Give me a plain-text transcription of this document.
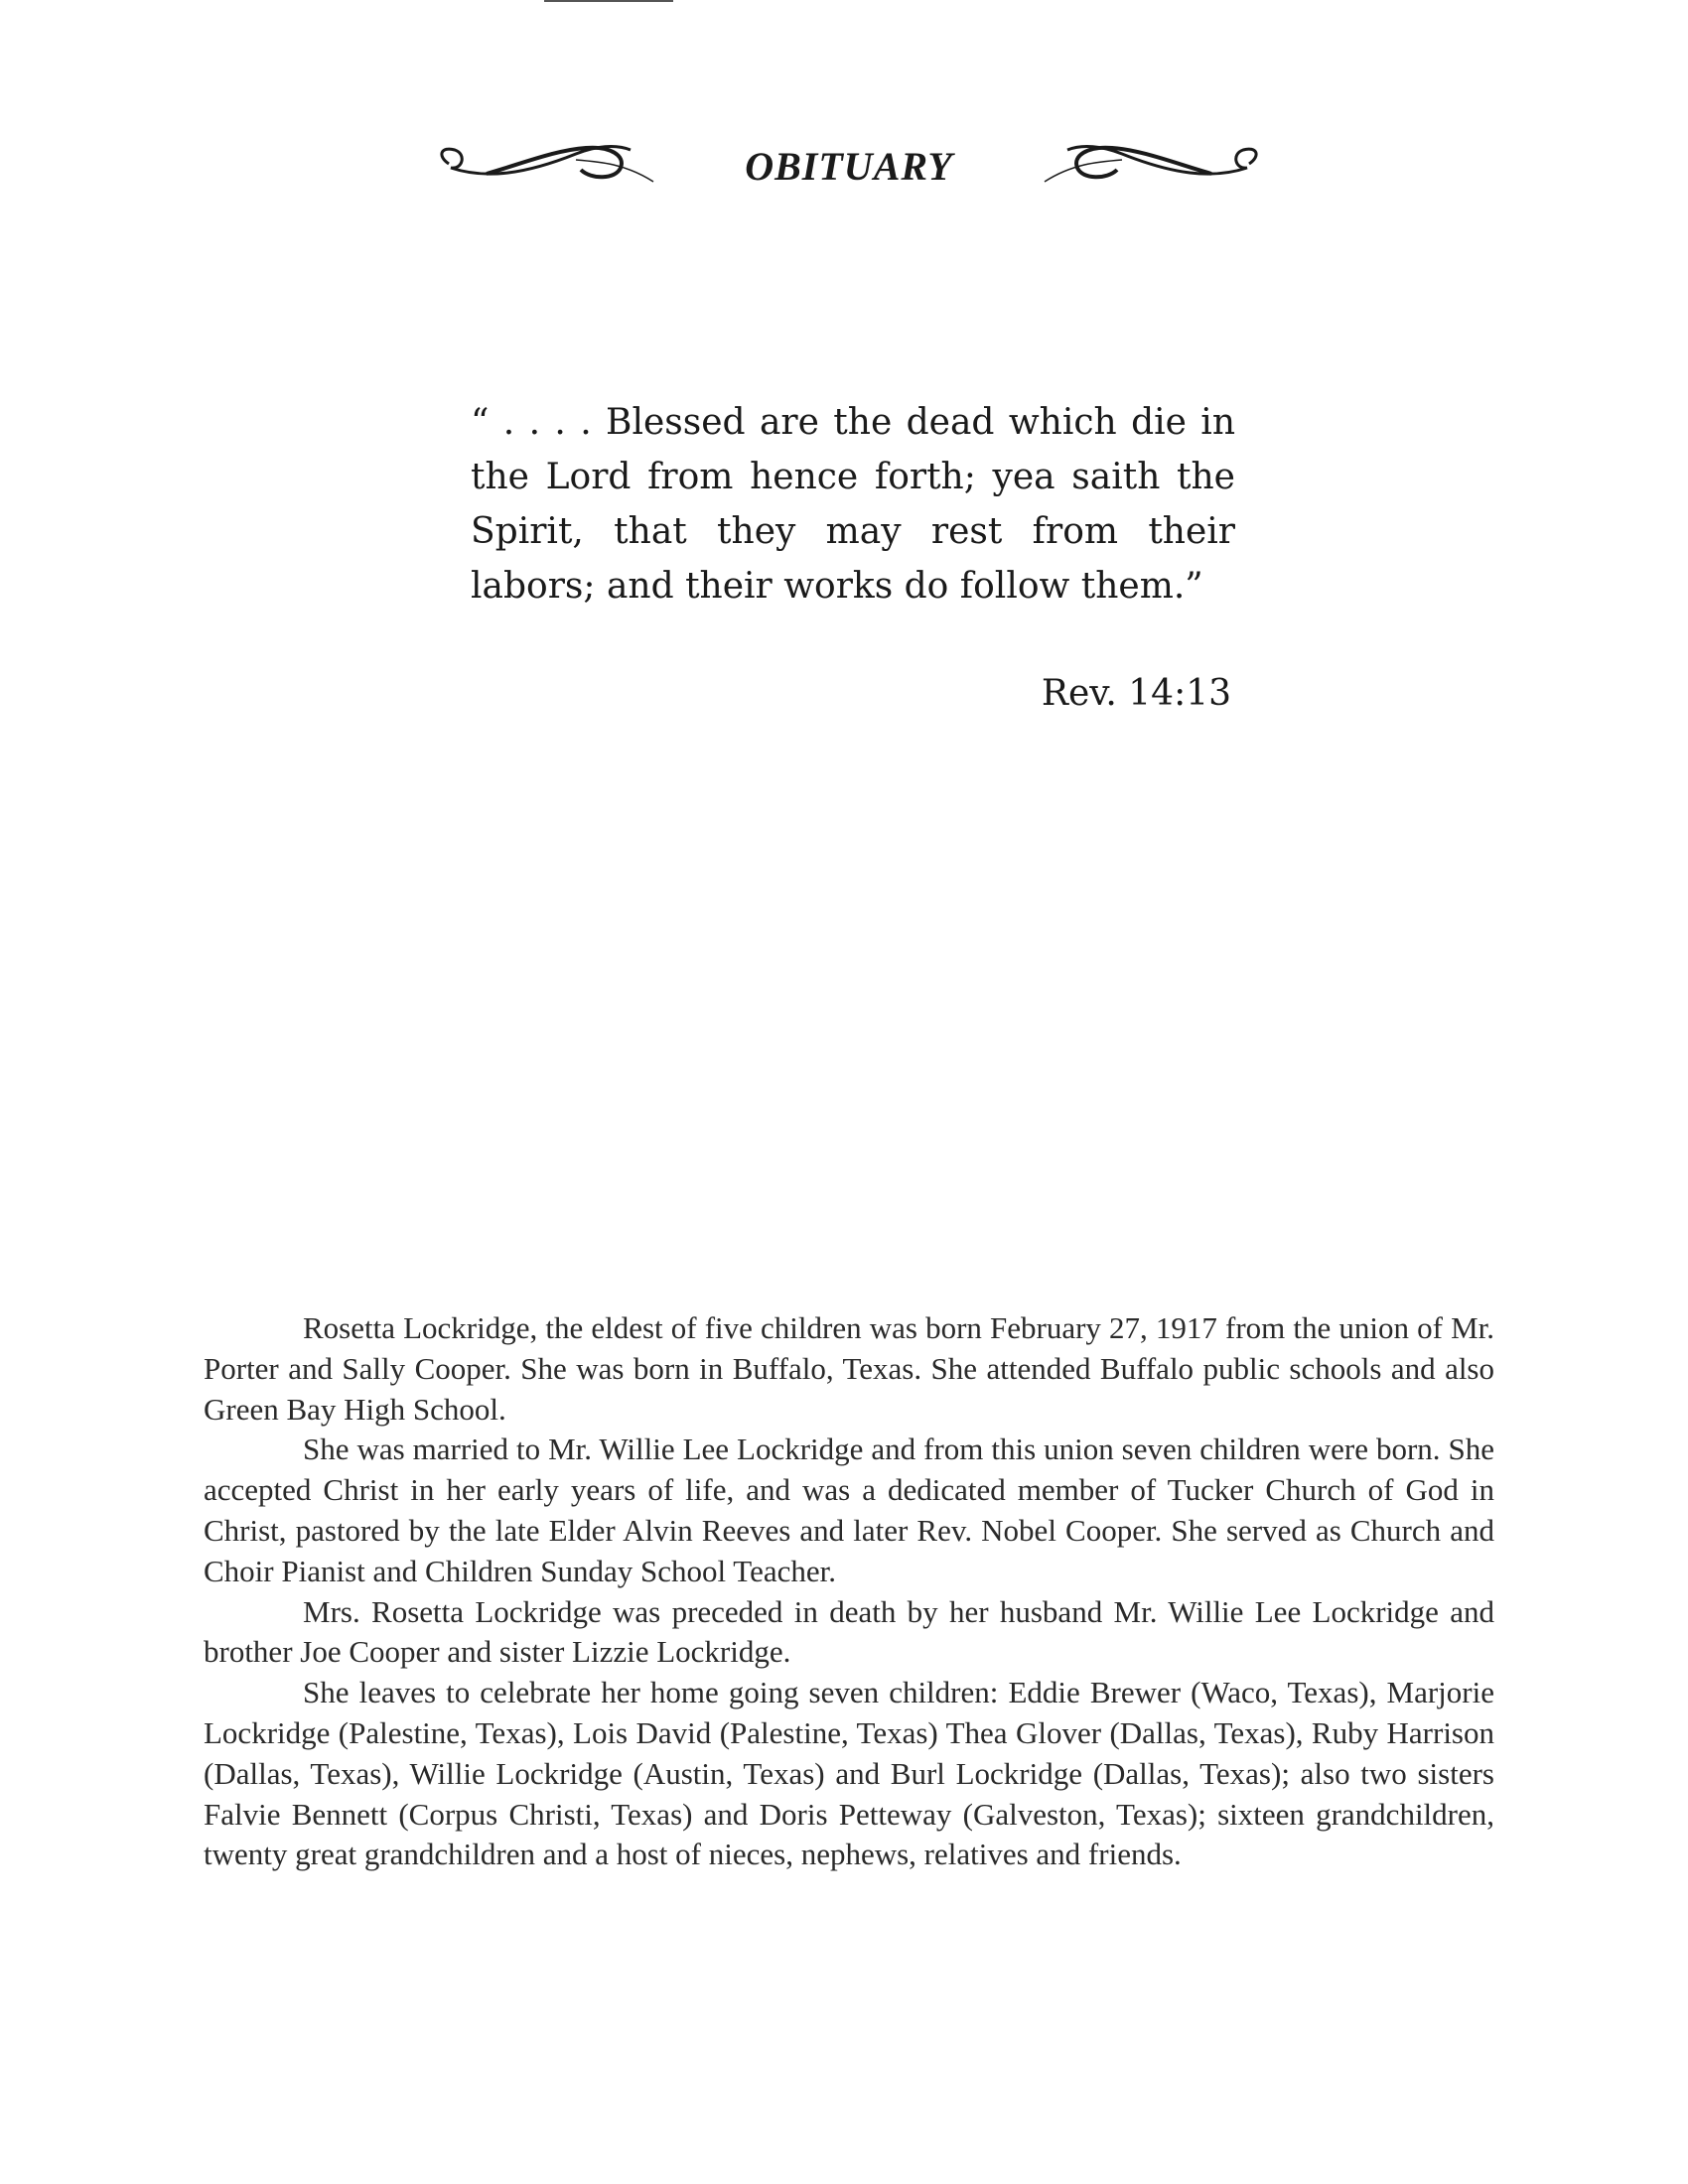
OBITUARY
“ . . . . Blessed are the dead which die in the Lord from hence forth; yea saith the Spirit, that they may rest from their labors; and their works do follow them.”
Rev. 14:13

Rosetta Lockridge, the eldest of five children was born February 27, 1917 from the union of Mr. Porter and Sally Cooper. She was born in Buffalo, Texas. She attended Buffalo public schools and also Green Bay High School.

She was married to Mr. Willie Lee Lockridge and from this union seven children were born. She accepted Christ in her early years of life, and was a dedicated member of Tucker Church of God in Christ, pastored by the late Elder Alvin Reeves and later Rev. Nobel Cooper. She served as Church and Choir Pianist and Children Sunday School Teacher.

Mrs. Rosetta Lockridge was preceded in death by her husband Mr. Willie Lee Lockridge and brother Joe Cooper and sister Lizzie Lockridge.

She leaves to celebrate her home going seven children: Eddie Brewer (Waco, Texas), Marjorie Lockridge (Palestine, Texas), Lois David (Palestine, Texas) Thea Glover (Dallas, Texas), Ruby Harrison (Dallas, Texas), Willie Lockridge (Austin, Texas) and Burl Lockridge (Dallas, Texas); also two sisters Falvie Bennett (Corpus Christi, Texas) and Doris Petteway (Galveston, Texas); sixteen grandchildren, twenty great grandchildren and a host of nieces, nephews, relatives and friends.
